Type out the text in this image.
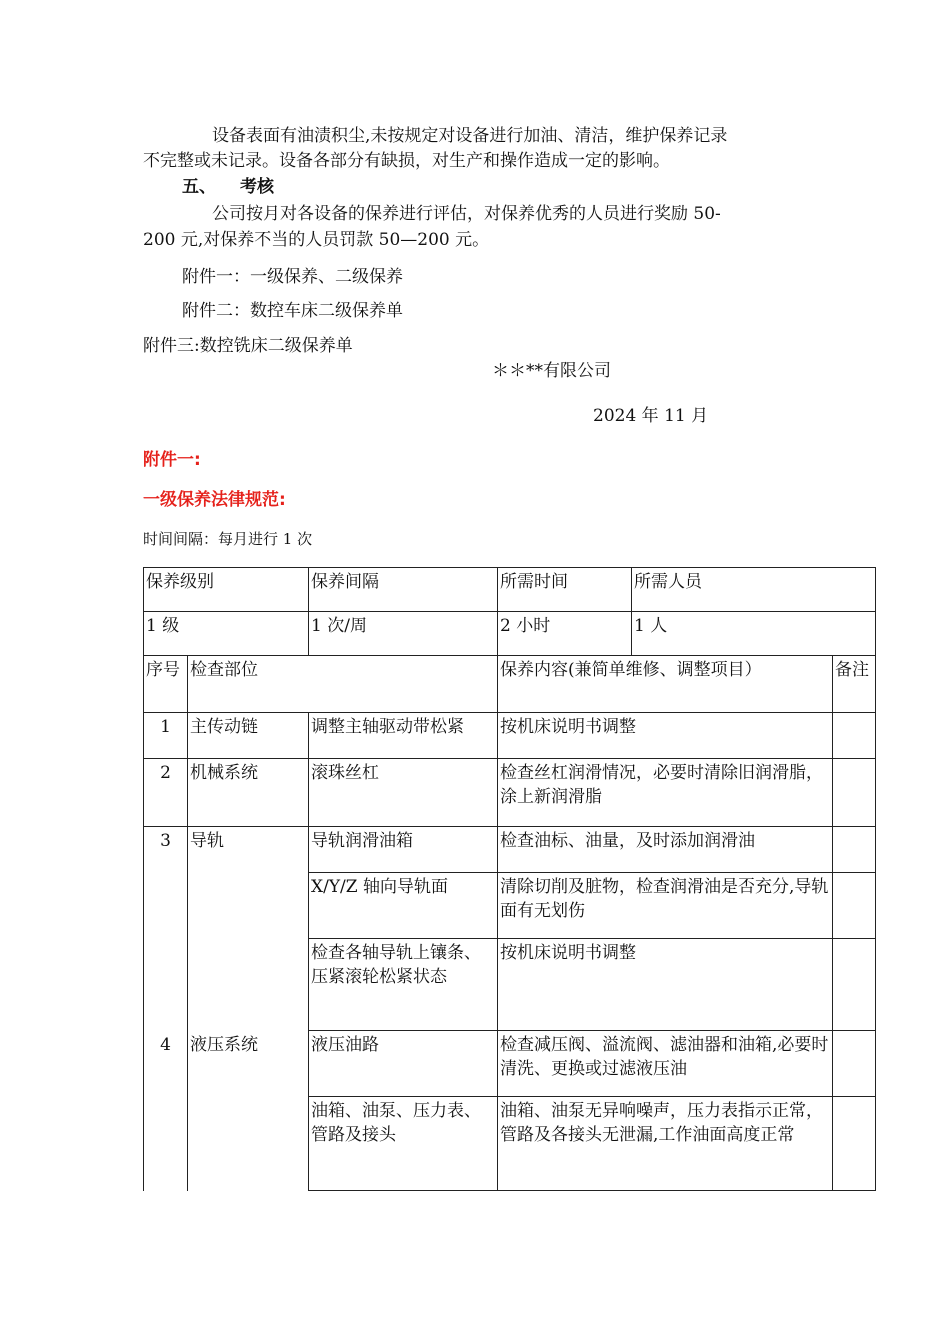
设备表面有油渍积尘,未按规定对设备进行加油、清洁，维护保养记录
不完整或未记录。设备各部分有缺损，对生产和操作造成一定的影响。
五、 考核
公司按月对各设备的保养进行评估，对保养优秀的人员进行奖励 50-
200 元,对保养不当的人员罚款 50—200 元。
附件一：一级保养、二级保养
附件二：数控车床二级保养单
附件三:数控铣床二级保养单
＊＊**有限公司
2024 年 11 月
附件一:
一级保养法律规范:
时间间隔：每月进行 1 次
保养级别		保养间隔	所需时间	所需人员	
1 级		1 次/周	2 小时	1 人	
序号	检查部位		保养内容(兼简单维修、调整项目）		备注
1	主传动链	调整主轴驱动带松紧	按机床说明书调整		
2	机械系统	滚珠丝杠	检查丝杠润滑情况，必要时清除旧润滑脂，涂上新润滑脂		
3	导轨	导轨润滑油箱	检查油标、油量，及时添加润滑油		
		X/Y/Z 轴向导轨面	清除切削及脏物，检查润滑油是否充分,导轨面有无划伤		
		检查各轴导轨上镶条、压紧滚轮松紧状态	按机床说明书调整		
4	液压系统	液压油路	检查减压阀、溢流阀、滤油器和油箱,必要时清洗、更换或过滤液压油		
		油箱、油泵、压力表、管路及接头	油箱、油泵无异响噪声，压力表指示正常，管路及各接头无泄漏,工作油面高度正常		
